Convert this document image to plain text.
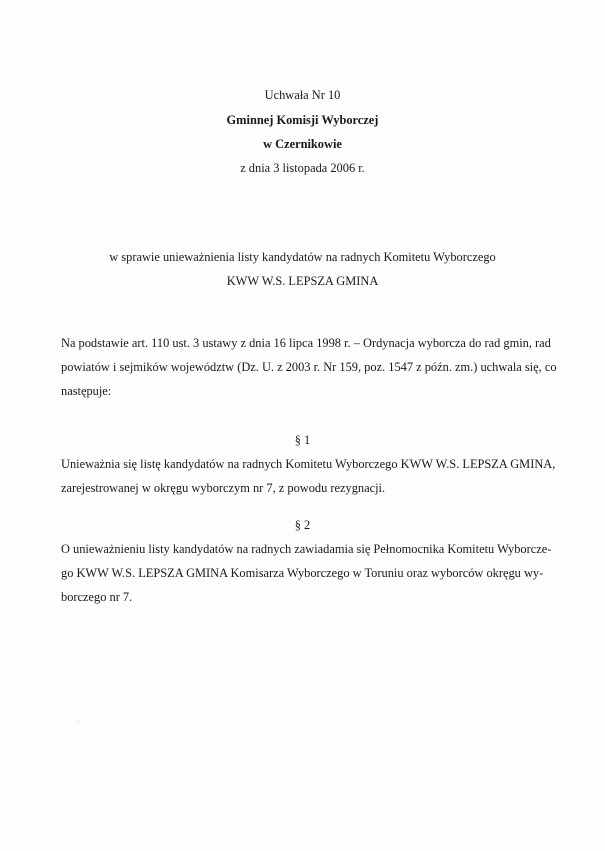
Uchwała Nr 10
Gminnej Komisji Wyborczej
w Czernikowie
z dnia 3 listopada 2006 r.
w sprawie unieważnienia listy kandydatów na radnych Komitetu Wyborczego
KWW W.S. LEPSZA GMINA
Na podstawie art. 110 ust. 3 ustawy z dnia 16 lipca 1998 r. – Ordynacja wyborcza do rad gmin, rad
powiatów i sejmików województw (Dz. U. z 2003 r. Nr 159, poz. 1547 z późn. zm.) uchwala się, co
następuje:
§ 1
Unieważnia się listę kandydatów na radnych Komitetu Wyborczego KWW W.S. LEPSZA GMINA,
zarejestrowanej w okręgu wyborczym nr 7, z powodu rezygnacji.
§ 2
O unieważnieniu listy kandydatów na radnych zawiadamia się Pełnomocnika Komitetu Wyborcze-
go KWW W.S. LEPSZA GMINA Komisarza Wyborczego w Toruniu oraz wyborców okręgu wy-
borczego nr 7.
